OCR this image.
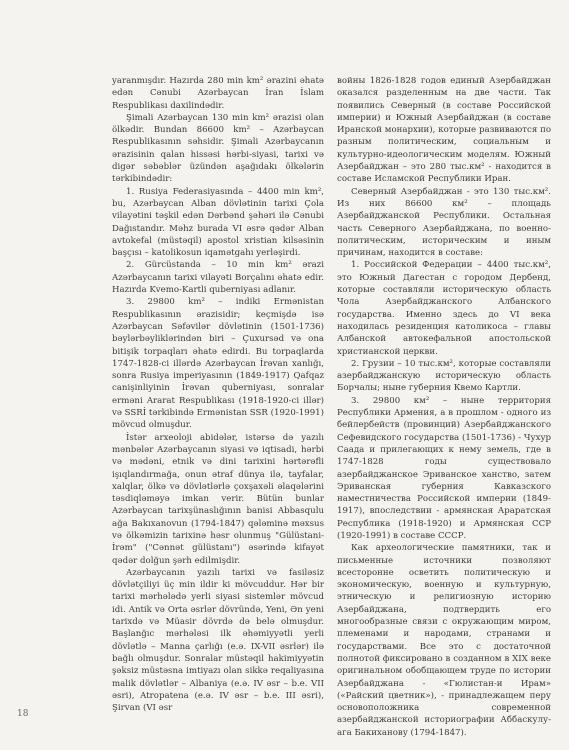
yaranmışdır. Hazırda 280 min km² ərazini əhatə edən Cənubi Azərbaycan İran İslam Respublikası daxilindədir.

Şimali Azərbaycan 130 min km² ərazisi olan ölkədir. Bundan 86600 km² – Azərbaycan Respublikasının səhsidir. Şimali Azərbaycanın ərazisinin qalan hissəsi hərbi-siyasi, tarixi və digər səbəblər üzündən aşağıdakı ölkələrin tərkibindədir:

1. Rusiya Federasiyasında – 4400 min km², bu, Azərbaycan Alban dövlətinin tarixi Çola vilayətini təşkil edən Dərbənd şəhəri ilə Cənubi Dağıstandır. Məhz burada VI əsrə qədər Alban avtokefal (müstəqil) apostol xristian kilsəsinin başçısı – katolikosun iqamətgahı yerləşirdi.

2. Gürcüstanda – 10 min km² ərazi Azərbaycanın tarixi vilayəti Borçalını əhatə edir. Hazırda Kvemo-Kartli quberniyası adlanır.

3. 29800 km² – indiki Ermənistan Respublikasının ərazisidir; keçmişdə isə Azərbaycan Səfəvilər dövlətinin (1501-1736) bəylərbəyliklərindən biri – Çuxursəd və ona bitişik torpaqları əhatə edirdi. Bu torpaqlarda 1747-1828-ci illərdə Azərbaycan İrəvan xanlığı, sonra Rusiya imperiyasının (1849-1917) Qafqaz canişinliyinin İrəvan quberniyası, sonralar erməni Ararat Respublikası (1918-1920-ci illər) və SSRİ tərkibində Ermənistan SSR (1920-1991) mövcud olmuşdur.

İstər arxeoloji abidələr, istərsə də yazılı mənbələr Azərbaycanın siyasi və iqtisadi, hərbi və mədəni, etnik və dini tarixini hərtərəfli işıqlandırmağa, onun ətraf dünya ilə, tayfalar, xalqlar, ölkə və dövlətlərlə çoxşaxəli əlaqələrini təsdiqləməyə imkan verir. Bütün bunlar Azərbaycan tarixşünaslığının banisi Abbasqulu ağa Bakıxanovun (1794-1847) qələminə məxsus və ölkəmizin tarixinə həsr olunmuş "Gülüstani-İrəm" ("Cənnət gülüstanı") əsərində kifayət qədər dolğun şərh edilmişdir.

Azərbaycanın yazılı tarixi və fasiləsiz dövlətçiliyi üç min ildir ki mövcuddur. Hər bir tarixi mərhələdə yerli siyasi sistemlər mövcud idi. Antik və Orta əsrlər dövründə, Yeni, Ən yeni tarixdə və Müasir dövrdə də belə olmuşdur. Başlanğıc mərhələsi ilk əhəmiyyətli yerli dövlətlə – Manna çarlığı (e.ə. IX-VII əsrlər) ilə bağlı olmuşdur. Sonralar müstəqil hakimiyyətin şəksiz müstəsna imtiyazı olan sikkə reqaliyasına malik dövlətlər – Albaniya (e.ə. IV əsr – b.e. VII əsri), Atropatena (e.ə. IV əsr – b.e. III əsri), Şirvan (VI əsr

войны 1826-1828 годов единый Азербайджан оказался разделенным на две части. Так появились Северный (в составе Российской империи) и Южный Азербайджан (в составе Иранской монархии), которые развиваются по разным политическим, социальным и культурно-идеологическим моделям. Южный Азербайджан – это 280 тыс.км² - находится в составе Исламской Республики Иран.

Северный Азербайджан - это 130 тыс.км². Из них 86600 км² – площадь Азербайджанской Республики. Остальная часть Северного Азербайджана, по военно-политическим, историческим и иным причинам, находится в составе:

1. Российской Федерации – 4400 тыс.км², это Южный Дагестан с городом Дербенд, которые составляли историческую область Чола Азербайджанского Албанского государства. Именно здесь до VI века находилась резиденция католикоса – главы Албанской автокефальной апостольской христианской церкви.

2. Грузии – 10 тыс.км², которые составляли азербайджанскую историческую область Борчалы; ныне губерния Квемо Картли.

3. 29800 км² – ныне территория Республики Армения, а в прошлом - одного из бейлербейств (провинций) Азербайджанского Сефевидского государства (1501-1736) - Чухур Саада и прилегающих к нему земель, где в 1747-1828 годы существовало азербайджанское Эриванское ханство, затем Эриванская губерния Кавказского наместничества Российской империи (1849-1917), впоследствии - армянская Араратская Республика (1918-1920) и Армянская ССР (1920-1991) в составе СССР.

Как археологические памятники, так и письменные источники позволяют всесторонне осветить политическую и экономическую, военную и культурную, этническую и религиозную историю Азербайджана, подтвердить его многообразные связи с окружающим миром, племенами и народами, странами и государствами. Все это с достаточной полнотой фиксировано в созданном в XIX веке оригинальном обобщающем труде по истории Азербайджана - «Гюлистан-и Ирам» («Райский цветник»), - принадлежащем перу основоположника современной азербайджанской историографии Аббаскулу-ага Бакиханову (1794-1847).

18
